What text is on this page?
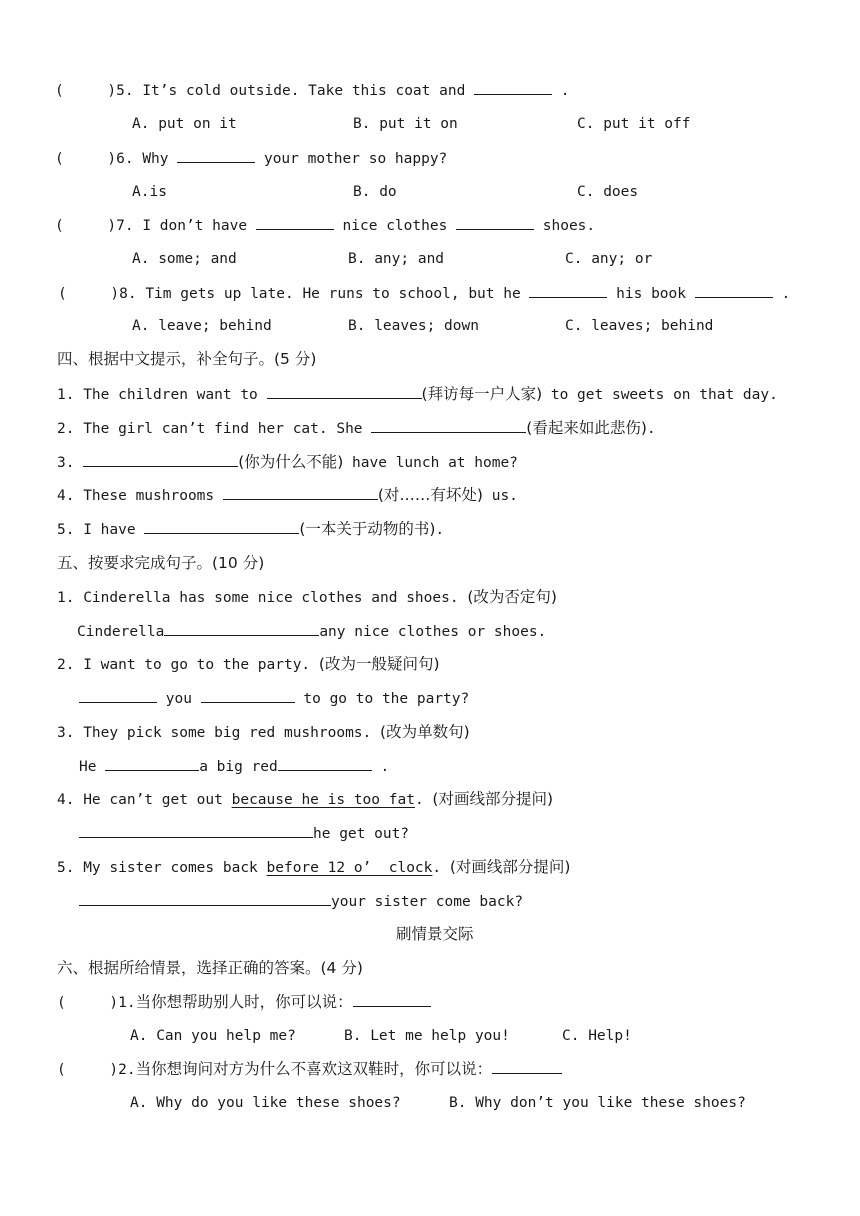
(     )5. It’s cold outside. Take this coat and	.
A. put on it	B. put it on	C. put it off
(     )6. Why	your mother so happy?
A.is	B. do	C. does
(     )7. I don’t have	nice clothes	shoes.
A. some; and	B. any; and	C. any; or
(     )8. Tim gets up late. He runs to school, but he	his book	.
A. leave; behind	B. leaves; down	C. leaves; behind
四、根据中文提示，补全句子。(5 分)
1. The children want to	(拜访每一户人家) to get sweets on that day.
2. The girl can’t find her cat. She	(看起来如此悲伤).
3.	(你为什么不能) have lunch at home?
4. These mushrooms	(对……有坏处) us.
5. I have	(一本关于动物的书).
五、按要求完成句子。(10 分)
1. Cinderella has some nice clothes and shoes. (改为否定句)
Cinderella	any nice clothes or shoes.
2. I want to go to the party. (改为一般疑问句)
you	to go to the party?
3. They pick some big red mushrooms. (改为单数句)
He	a big red	.
4. He can’t get out because he is too fat. (对画线部分提问)
he get out?
5. My sister comes back before 12 o’  clock. (对画线部分提问)
your sister come back?
刷情景交际
六、根据所给情景，选择正确的答案。(4 分)
(     )1.当你想帮助别人时，你可以说：
A. Can you help me?	B. Let me help you!	C. Help!
(     )2.当你想询问对方为什么不喜欢这双鞋时，你可以说：
A. Why do you like these shoes?	B. Why don’t you like these shoes?
